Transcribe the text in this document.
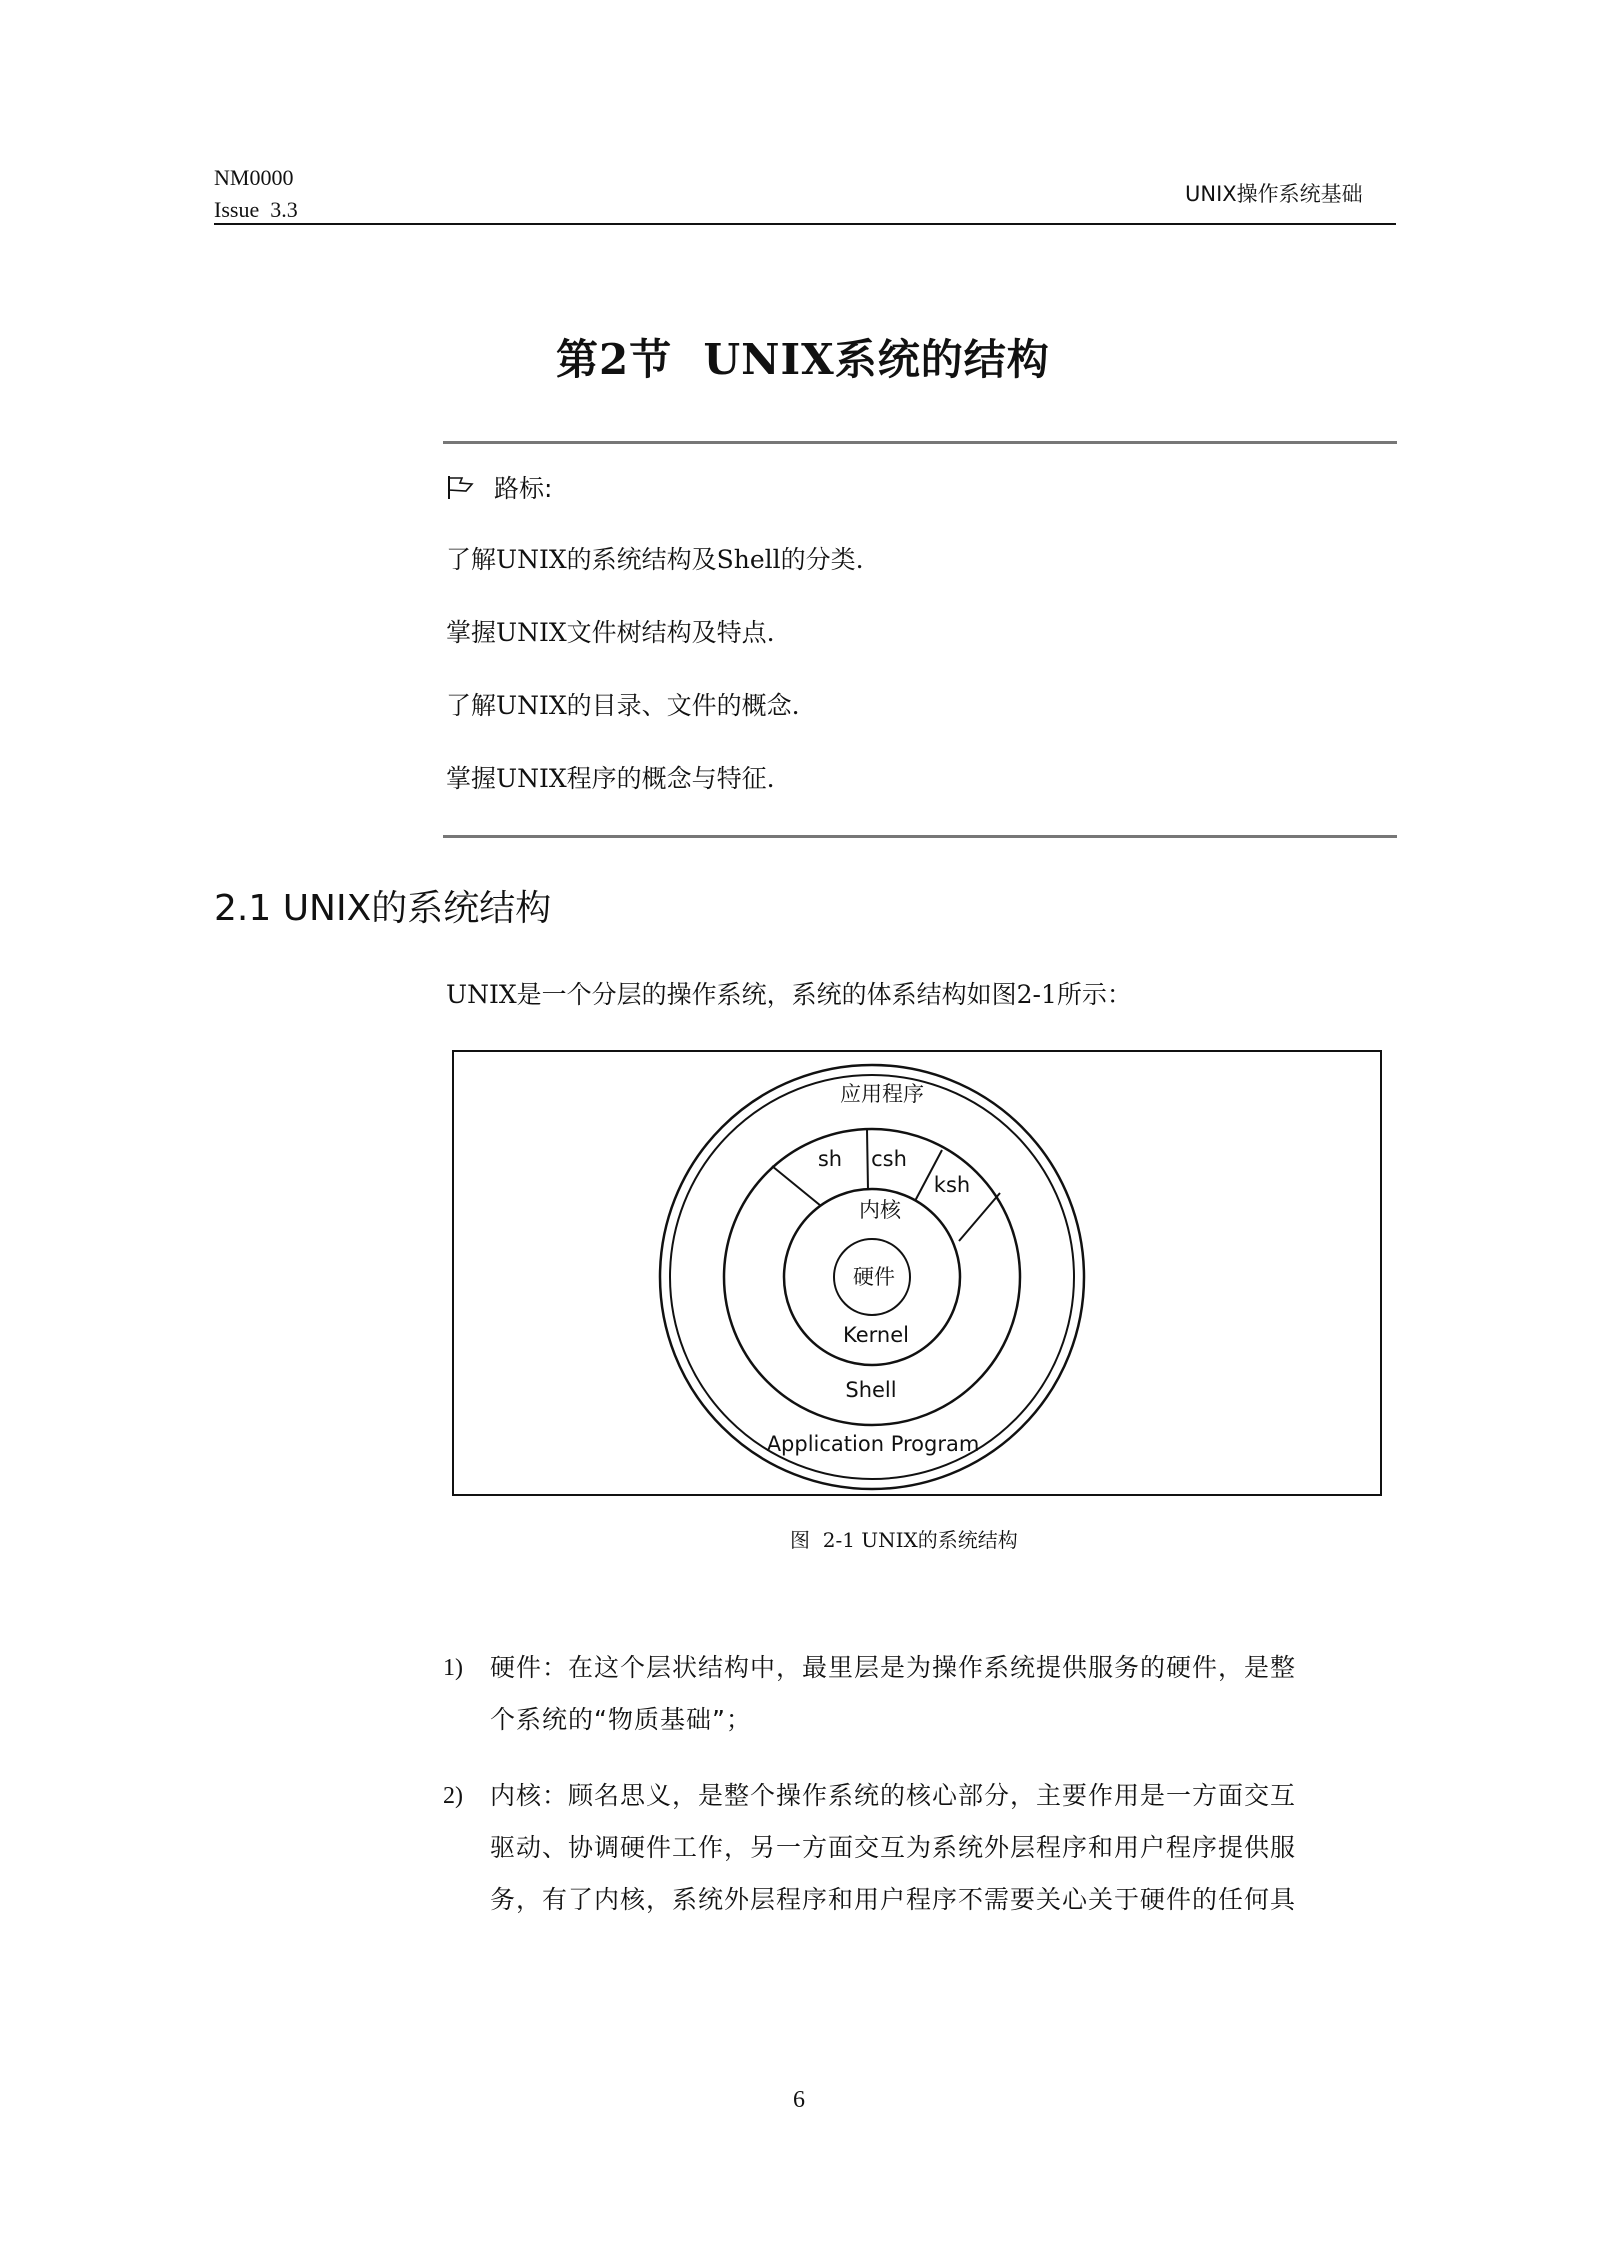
NM0000
Issue  3.3
UNIX操作系统基础
第2节  UNIX系统的结构
路标:
了解UNIX的系统结构及Shell的分类.
掌握UNIX文件树结构及特点.
了解UNIX的目录、文件的概念.
掌握UNIX程序的概念与特征.
2.1 UNIX的系统结构
UNIX是一个分层的操作系统，系统的体系结构如图2-1所示：
应用程序
sh csh
ksh
内核
硬件
Kernel
Shell
Application Program
图  2-1 UNIX的系统结构
1) 硬件：在这个层状结构中，最里层是为操作系统提供服务的硬件，是整
个系统的“物质基础”；
2) 内核：顾名思义，是整个操作系统的核心部分，主要作用是一方面交互
驱动、协调硬件工作，另一方面交互为系统外层程序和用户程序提供服
务，有了内核，系统外层程序和用户程序不需要关心关于硬件的任何具
6
